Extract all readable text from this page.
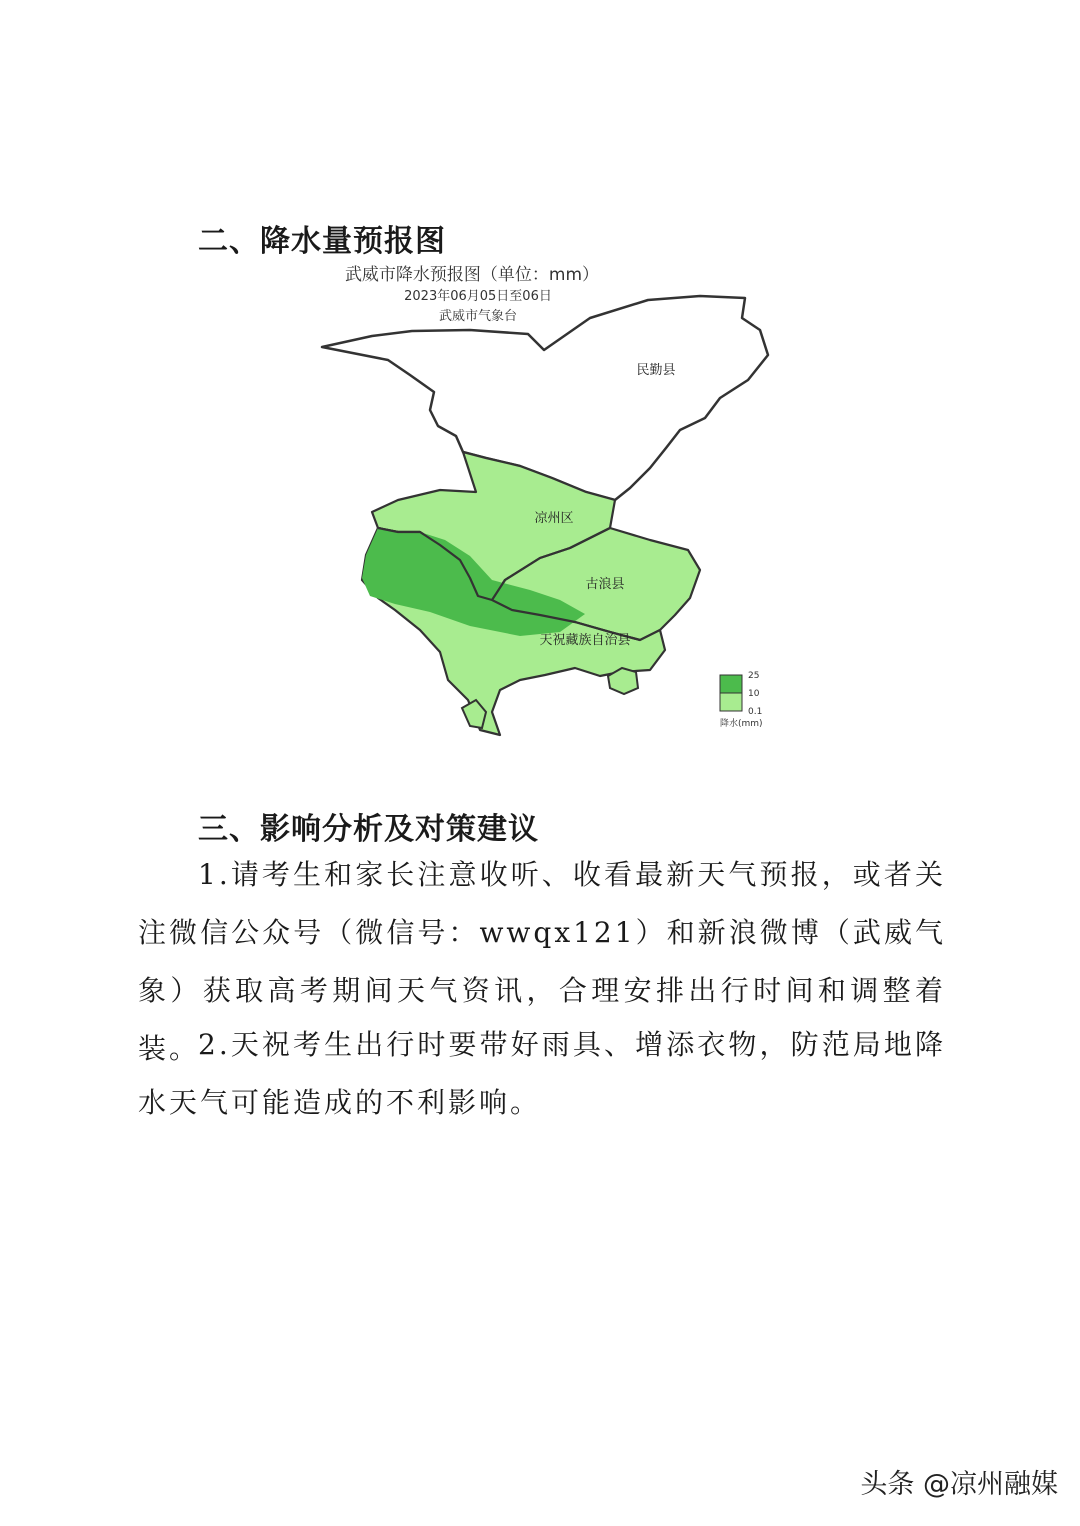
二、降水量预报图
武威市降水预报图（单位：mm）
2023年06月05日至06日
武威市气象台
民勤县
凉州区
古浪县
天祝藏族自治县
25
10
0.1
降水(mm)
三、影响分析及对策建议

1.请考生和家长注意收听、收看最新天气预报，或者关注微信公众号（微信号：wwqx121）和新浪微博（武威气象）获取高考期间天气资讯，合理安排出行时间和调整着装。

2.天祝考生出行时要带好雨具、增添衣物，防范局地降水天气可能造成的不利影响。

头条 @凉州融媒
